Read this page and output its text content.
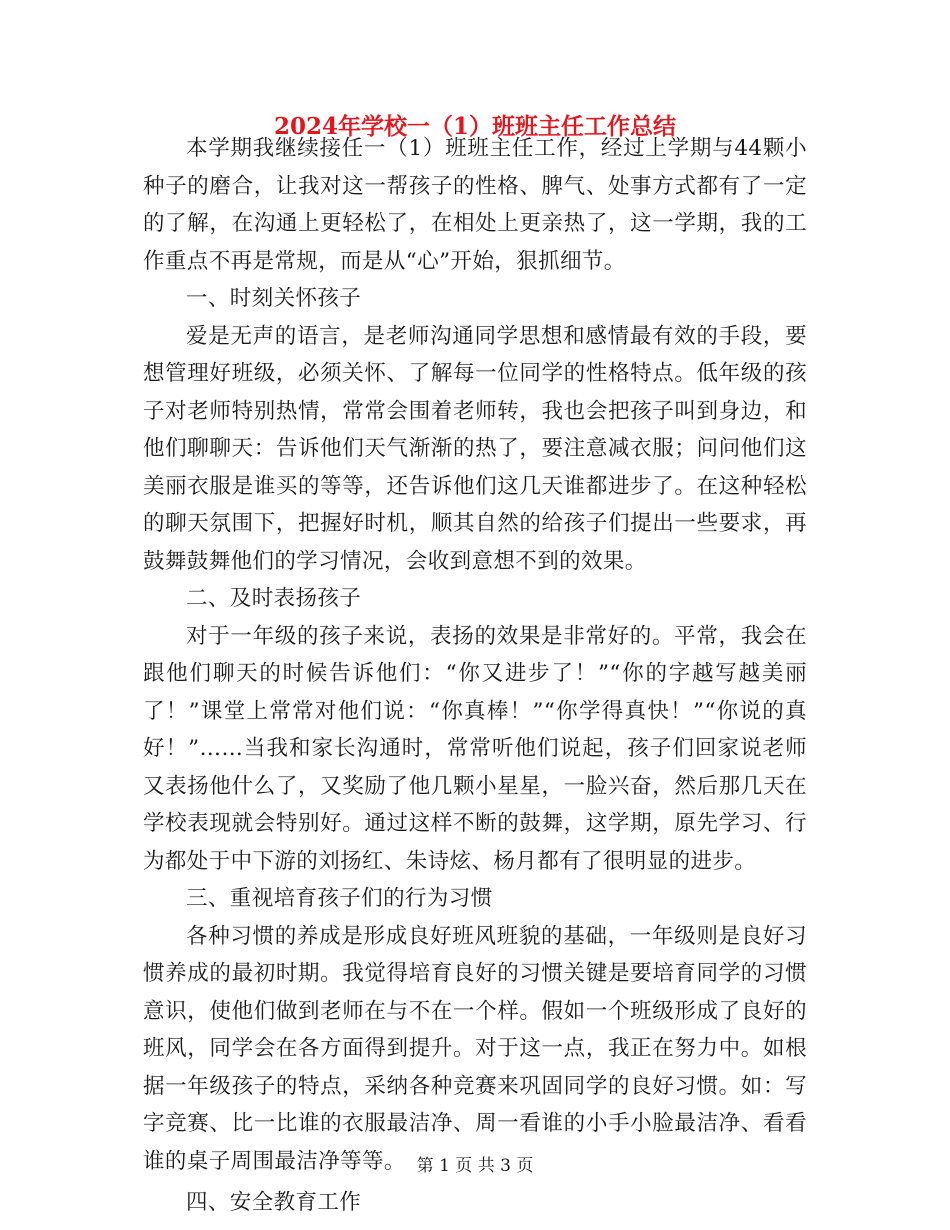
2024年学校一（1）班班主任工作总结

本学期我继续接任一（1）班班主任工作，经过上学期与44颗小种子的磨合，让我对这一帮孩子的性格、脾气、处事方式都有了一定的了解，在沟通上更轻松了，在相处上更亲热了，这一学期，我的工作重点不再是常规，而是从“心”开始，狠抓细节。

一、时刻关怀孩子

爱是无声的语言，是老师沟通同学思想和感情最有效的手段，要想管理好班级，必须关怀、了解每一位同学的性格特点。低年级的孩子对老师特别热情，常常会围着老师转，我也会把孩子叫到身边，和他们聊聊天：告诉他们天气渐渐的热了，要注意减衣服；问问他们这美丽衣服是谁买的等等，还告诉他们这几天谁都进步了。在这种轻松的聊天氛围下，把握好时机，顺其自然的给孩子们提出一些要求，再鼓舞鼓舞他们的学习情况，会收到意想不到的效果。

二、及时表扬孩子

对于一年级的孩子来说，表扬的效果是非常好的。平常，我会在跟他们聊天的时候告诉他们：“你又进步了！”“你的字越写越美丽了！”课堂上常常对他们说：“你真棒！”“你学得真快！”“你说的真好！”……当我和家长沟通时，常常听他们说起，孩子们回家说老师又表扬他什么了，又奖励了他几颗小星星，一脸兴奋，然后那几天在学校表现就会特别好。通过这样不断的鼓舞，这学期，原先学习、行为都处于中下游的刘扬红、朱诗炫、杨月都有了很明显的进步。

三、重视培育孩子们的行为习惯

各种习惯的养成是形成良好班风班貌的基础，一年级则是良好习惯养成的最初时期。我觉得培育良好的习惯关键是要培育同学的习惯意识，使他们做到老师在与不在一个样。假如一个班级形成了良好的班风，同学会在各方面得到提升。对于这一点，我正在努力中。如根据一年级孩子的特点，采纳各种竞赛来巩固同学的良好习惯。如：写字竞赛、比一比谁的衣服最洁净、周一看谁的小手小脸最洁净、看看谁的桌子周围最洁净等等。

四、安全教育工作

第 1 页 共 3 页
